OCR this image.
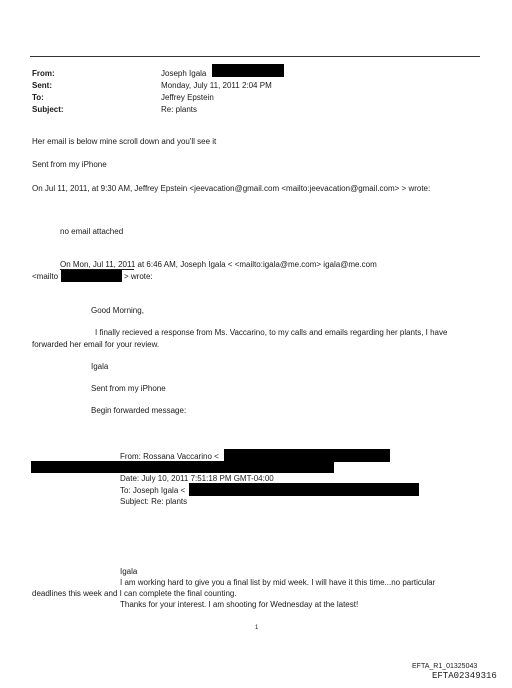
From:	Joseph Igala
Sent:	Monday, July 11, 2011 2:04 PM
To:	Jeffrey Epstein
Subject:	Re: plants
Her email is below mine scroll down and you'll see it
Sent from my iPhone
On Jul 11, 2011, at 9:30 AM, Jeffrey Epstein <jeevacation@gmail.com <mailto:jeevacation@gmail.com> > wrote:
no email attached
On Mon, Jul 11, 2011 at 6:46 AM, Joseph Igala < <mailto:igala@me.com> igala@me.com
<mailto	> wrote:
Good Morning,
I finally recieved a response from Ms. Vaccarino, to my calls and emails regarding her plants, I have
forwarded her email for your review.
Igala
Sent from my iPhone
Begin forwarded message:
From: Rossana Vaccarino <
Date: July 10, 2011 7:51:18 PM GMT-04:00
To: Joseph Igala <
Subject: Re: plants
Igala
I am working hard to give you a final list by mid week. I will have it this time...no particular
deadlines this week and I can complete the final counting.
Thanks for your interest. I am shooting for Wednesday at the latest!
1
EFTA_R1_01325043
EFTA02349316
